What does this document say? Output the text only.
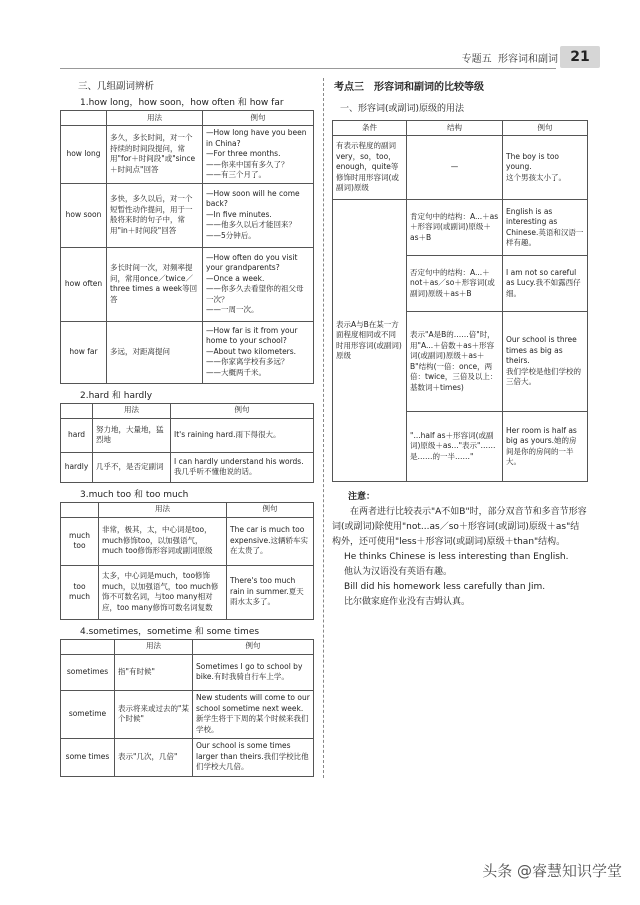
专题五 形容词和副词 21
三、几组副词辨析
1.how long，how soon，how often 和 how far
	用法	例句
how long	多久，多长时间，对一个持续的时间段提问，常用"for＋时间段"或"since＋时间点"回答	—How long have you been in China?
—For three months.
——你来中国有多久了？
——有三个月了。
how soon	多快，多久以后，对一个短暂性动作提问，用于一般将来时的句子中，常用"in＋时间段"回答	—How soon will he come back?
—In five minutes.
——他多久以后才能回来？
——5分钟后。
how often	多长时间一次，对频率提问，常用once／twice／three times a week等回答	—How often do you visit your grandparents?
—Once a week.
——你多久去看望你的祖父母一次？
——一周一次。
how far	多远，对距离提问	—How far is it from your home to your school?
—About two kilometers.
——你家离学校有多远？
——大概两千米。
2.hard 和 hardly
	用法	例句
hard	努力地，大量地，猛烈地	It's raining hard.雨下得很大。
hardly	几乎不，是否定副词	I can hardly understand his words.我几乎听不懂他说的话。
3.much too 和 too much
	用法	例句
much too	非常，极其，太，中心词是too，much修饰too，以加强语气，much too修饰形容词或副词原级	The car is much too expensive.这辆轿车实在太贵了。
too much	太多，中心词是much，too修饰much，以加强语气，too much修饰不可数名词，与too many相对应，too many修饰可数名词复数	There's too much rain in summer.夏天雨水太多了。
4.sometimes，sometime 和 some times
	用法	例句
sometimes	指"有时候"	Sometimes I go to school by bike.有时我骑自行车上学。
sometime	表示将来或过去的"某个时候"	New students will come to our school sometime next week.新学生将于下周的某个时候来我们学校。
some times	表示"几次，几倍"	Our school is some times larger than theirs.我们学校比他们学校大几倍。
考点三 形容词和副词的比较等级
一、形容词(或副词)原级的用法
条件	结构	例句
有表示程度的副词very，so，too，enough，quite等修饰时用形容词(或副词)原级	—	The boy is too young.
这个男孩太小了。
表示A与B在某一方面程度相同或不同时用形容词(或副词)原级	肯定句中的结构：A...＋as＋形容词(或副词)原级＋as＋B	English is as interesting as Chinese.英语和汉语一样有趣。
	否定句中的结构：A...＋not＋as／so＋形容词(或副词)原级＋as＋B	I am not so careful as Lucy.我不如露西仔细。
	表示"A是B的……倍"时，用"A...＋倍数＋as＋形容词(或副词)原级＋as＋B"结构(一倍：once，两倍：twice，三倍及以上：基数词＋times)	Our school is three times as big as theirs.
我们学校是他们学校的三倍大。
	"...half as＋形容词(或副词)原级＋as..."表示"……是……的一半……"	Her room is half as big as yours.她的房间是你的房间的一半大。

注意：

在两者进行比较表示"A不如B"时，部分双音节和多音节形容词(或副词)除使用"not...as／so＋形容词(或副词)原级＋as"结构外，还可使用"less＋形容词(或副词)原级＋than"结构。

He thinks Chinese is less interesting than English.

他认为汉语没有英语有趣。

Bill did his homework less carefully than Jim.

比尔做家庭作业没有吉姆认真。

头条 @睿慧知识学堂
